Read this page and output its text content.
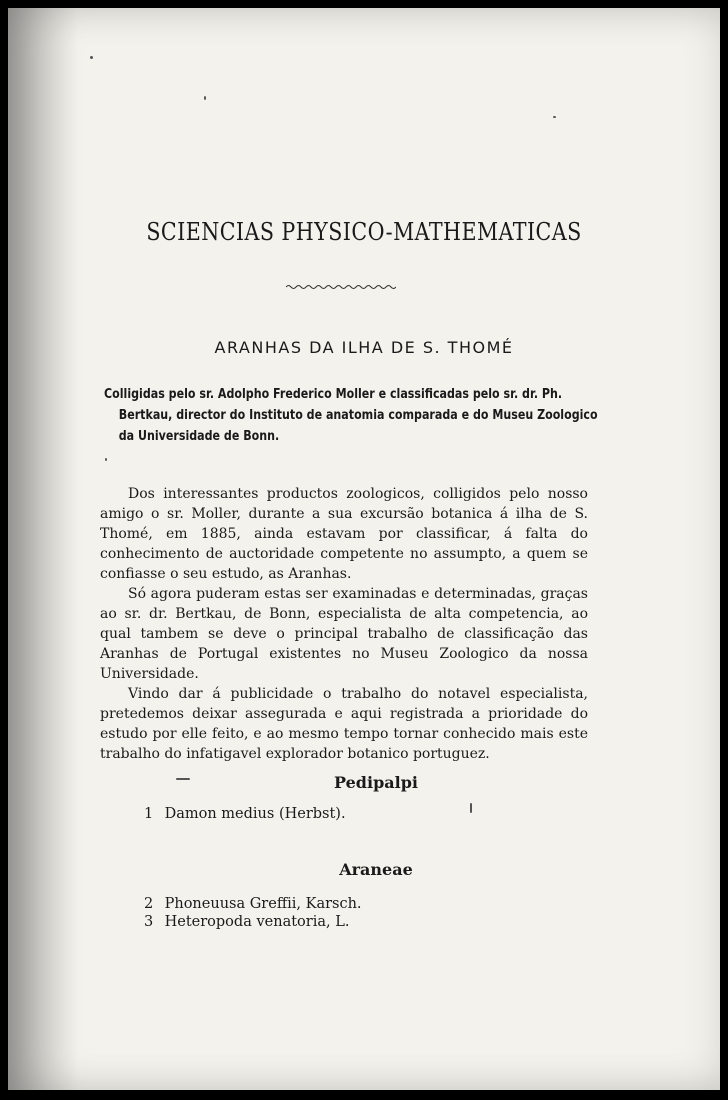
SCIENCIAS PHYSICO-MATHEMATICAS
ARANHAS DA ILHA DE S. THOMÉ
Colligidas pelo sr. Adolpho Frederico Moller e classificadas pelo sr. dr. Ph.
Bertkau, director do Instituto de anatomia comparada e do Museu Zoologico
da Universidade de Bonn.

Dos interessantes productos zoologicos, colligidos pelo nosso amigo o sr. Moller, durante a sua excursão botanica á ilha de S. Thomé, em 1885, ainda estavam por classificar, á falta do conhecimento de auctoridade competente no assumpto, a quem se confiasse o seu estudo, as Aranhas.

Só agora puderam estas ser examinadas e determinadas, graças ao sr. dr. Bertkau, de Bonn, especialista de alta competencia, ao qual tambem se deve o principal trabalho de classificação das Aranhas de Portugal existentes no Museu Zoologico da nossa Universidade.

Vindo dar á publicidade o trabalho do notavel especialista, pretedemos deixar assegurada e aqui registrada a prioridade do estudo por elle feito, e ao mesmo tempo tornar conhecido mais este trabalho do infatigavel explorador botanico portuguez.

Pedipalpi
1 Damon medius (Herbst).
Araneae
2 Phoneuusa Greffii, Karsch.
3 Heteropoda venatoria, L.
